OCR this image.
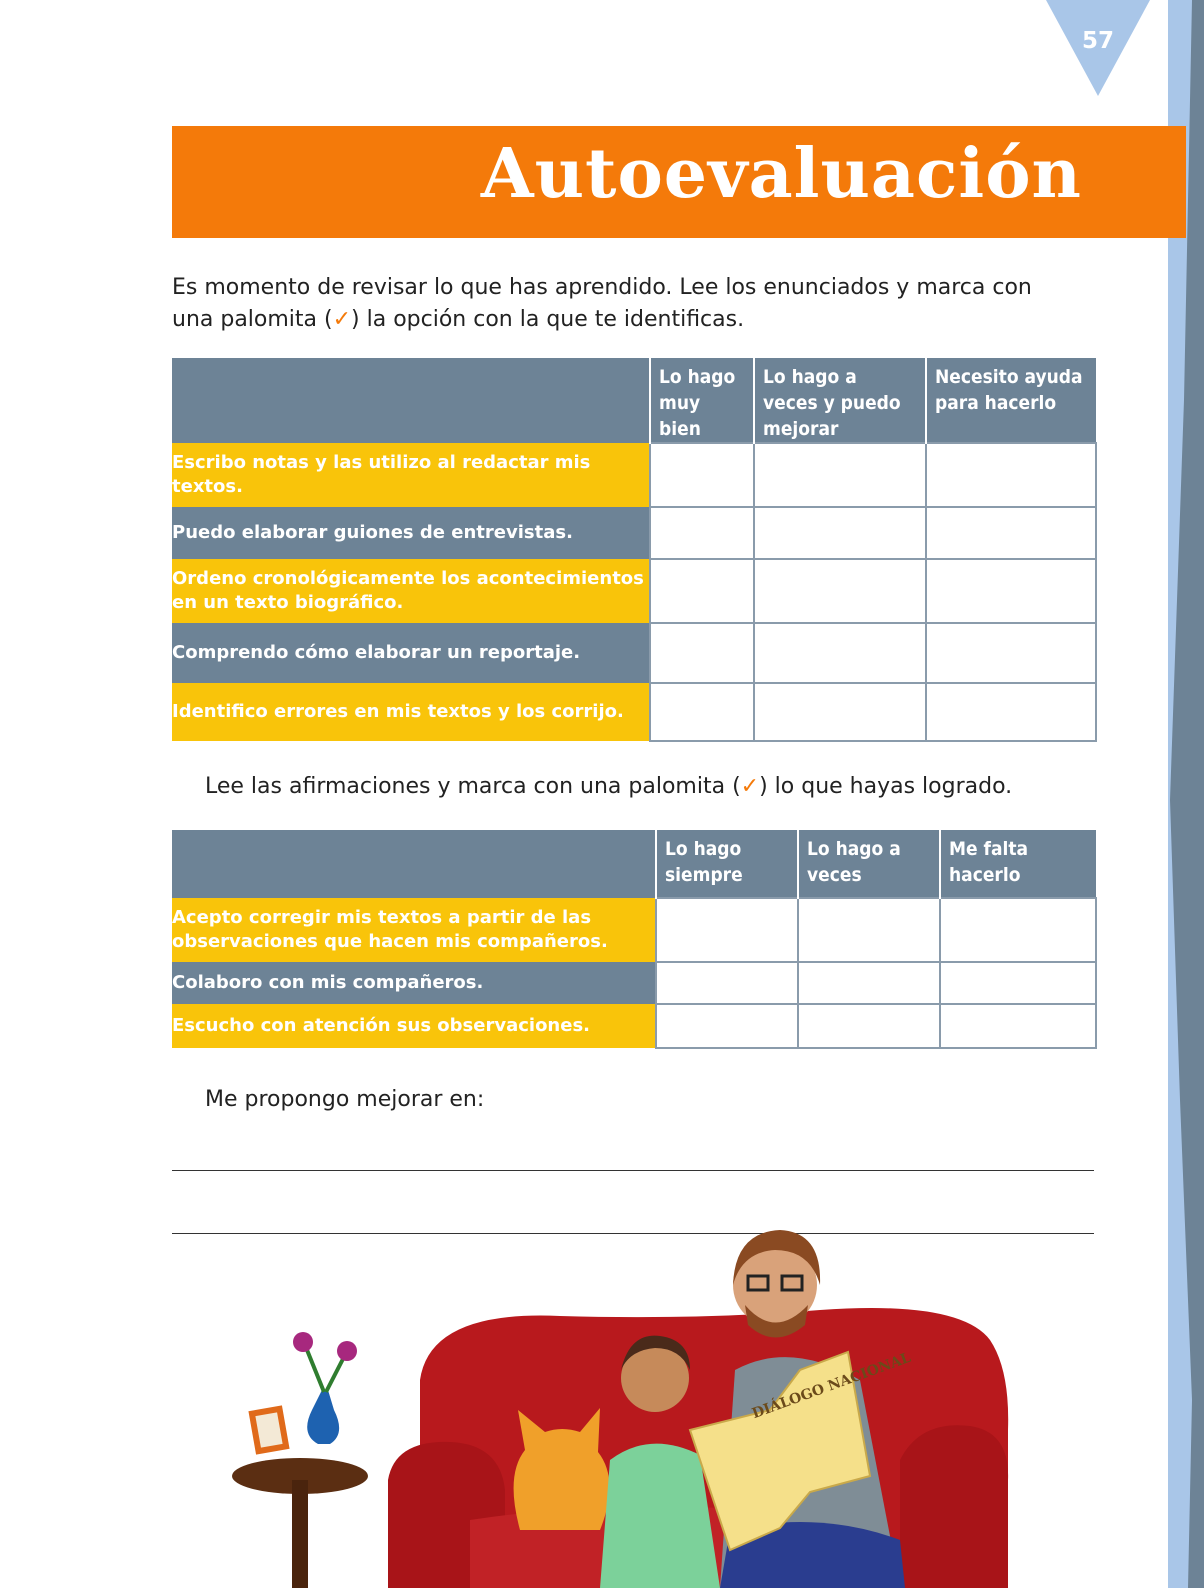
57
Autoevaluación
Es momento de revisar lo que has aprendido. Lee los enunciados y marca con una palomita (✓) la opción con la que te identificas.
	Lo hago muy bien	Lo hago a veces y puedo mejorar	Necesito ayuda para hacerlo
Escribo notas y las utilizo al redactar mis textos.			
Puedo elaborar guiones de entrevistas.			
Ordeno cronológicamente los acontecimientos en un texto biográfico.			
Comprendo cómo elaborar un reportaje.			
Identifico errores en mis textos y los corrijo.			
Lee las afirmaciones y marca con una palomita (✓) lo que hayas logrado.
	Lo hago siempre	Lo hago a veces	Me falta hacerlo
Acepto corregir mis textos a partir de las observaciones que hacen mis compañeros.			
Colaboro con mis compañeros.			
Escucho con atención sus observaciones.			
Me propongo mejorar en:
DIÁLOGO NACIONAL
